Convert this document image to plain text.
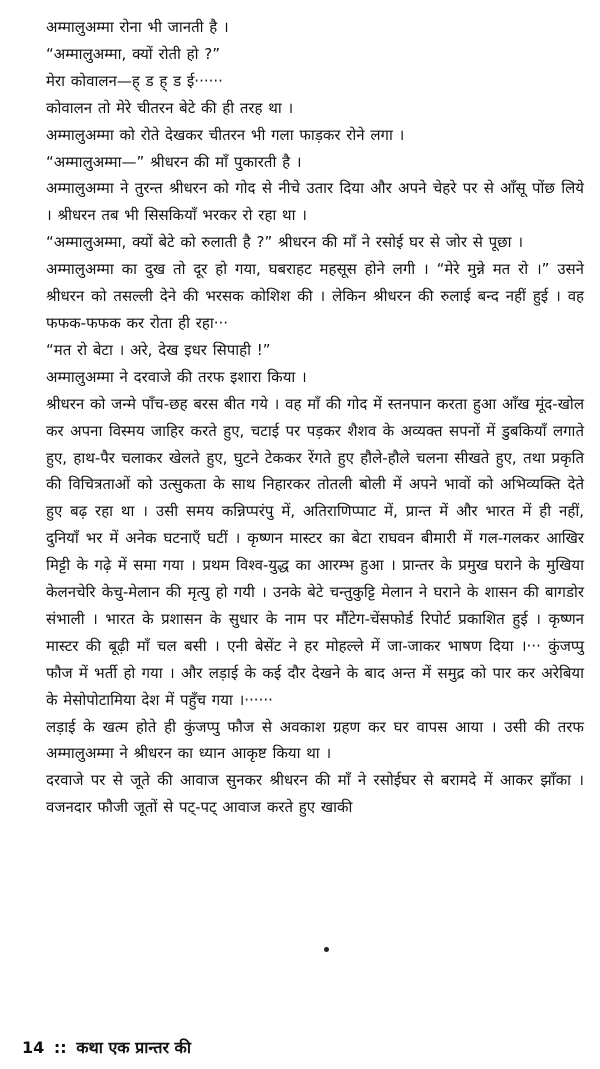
अम्मालुअम्मा रोना भी जानती है ।

“अम्मालुअम्मा, क्यों रोती हो ?”

मेरा कोवालन—ह् ड ह् ड ई······

कोवालन तो मेरे चीतरन बेटे की ही तरह था ।

अम्मालुअम्मा को रोते देखकर चीतरन भी गला फाड़कर रोने लगा ।

“अम्मालुअम्मा—” श्रीधरन की माँ पुकारती है ।

अम्मालुअम्मा ने तुरन्त श्रीधरन को गोद से नीचे उतार दिया और अपने चेहरे पर से आँसू पोंछ लिये । श्रीधरन तब भी सिसकियाँ भरकर रो रहा था ।

“अम्मालुअम्मा, क्यों बेटे को रुलाती है ?” श्रीधरन की माँ ने रसोई घर से जोर से पूछा ।

अम्मालुअम्मा का दुख तो दूर हो गया, घबराहट महसूस होने लगी । “मेरे मुन्ने मत रो ।” उसने श्रीधरन को तसल्ली देने की भरसक कोशिश की । लेकिन श्रीधरन की रुलाई बन्द नहीं हुई । वह फफक-फफक कर रोता ही रहा···

“मत रो बेटा । अरे, देख इधर सिपाही !”

अम्मालुअम्मा ने दरवाजे की तरफ इशारा किया ।

श्रीधरन को जन्मे पाँच-छह बरस बीत गये । वह माँ की गोद में स्तनपान करता हुआ आँख मूंद-खोल कर अपना विस्मय जाहिर करते हुए, चटाई पर पड़कर शैशव के अव्यक्त सपनों में डुबकियाँ लगाते हुए, हाथ-पैर चलाकर खेलते हुए, घुटने टेककर रेंगते हुए हौले-हौले चलना सीखते हुए, तथा प्रकृति की विचित्रताओं को उत्सुकता के साथ निहारकर तोतली बोली में अपने भावों को अभिव्यक्ति देते हुए बढ़ रहा था । उसी समय कन्निप्परंपु में, अतिराणिप्पाट में, प्रान्त में और भारत में ही नहीं, दुनियाँ भर में अनेक घटनाएँ घटीं । कृष्णन मास्टर का बेटा राघवन बीमारी में गल-गलकर आखिर मिट्टी के गढ़े में समा गया । प्रथम विश्व-युद्ध का आरम्भ हुआ । प्रान्तर के प्रमुख घराने के मुखिया केलनचेरि केचु-मेलान की मृत्यु हो गयी । उनके बेटे चन्तुकुट्टि मेलान ने घराने के शासन की बागडोर संभाली । भारत के प्रशासन के सुधार के नाम पर मौंटेग-चेंसफोर्ड रिपोर्ट प्रकाशित हुई । कृष्णन मास्टर की बूढ़ी माँ चल बसी । एनी बेसेंट ने हर मोहल्ले में जा-जाकर भाषण दिया ।··· कुंजप्पु फौज में भर्ती हो गया । और लड़ाई के कई दौर देखने के बाद अन्त में समुद्र को पार कर अरेबिया के मेसोपोटामिया देश में पहुँच गया ।······

लड़ाई के खत्म होते ही कुंजप्पु फौज से अवकाश ग्रहण कर घर वापस आया । उसी की तरफ अम्मालुअम्मा ने श्रीधरन का ध्यान आकृष्ट किया था ।

दरवाजे पर से जूते की आवाज सुनकर श्रीधरन की माँ ने रसोईघर से बरामदे में आकर झाँका । वजनदार फौजी जूतों से पट्-पट् आवाज करते हुए खाकी

14 :: कथा एक प्रान्तर की
